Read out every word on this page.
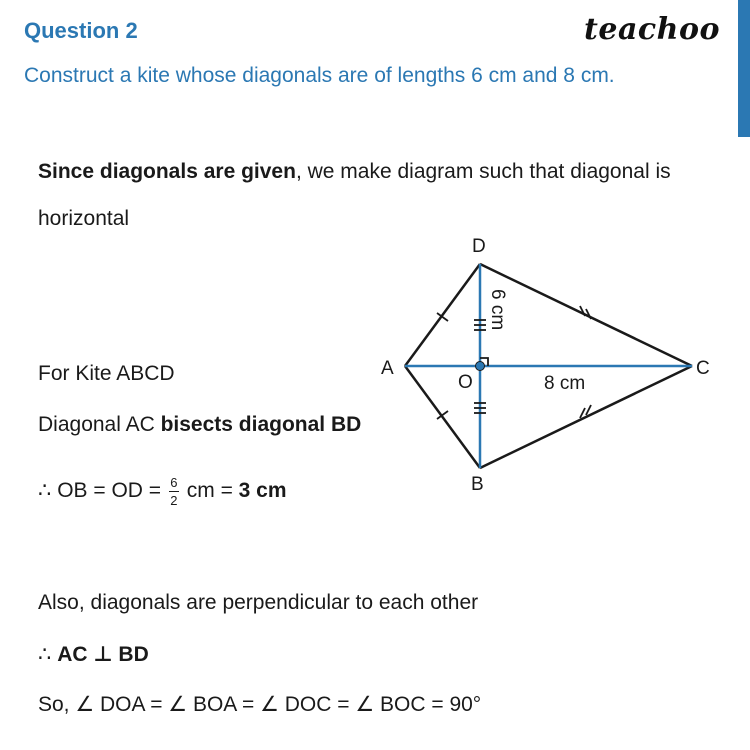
Question 2	teachoo
Construct a kite whose diagonals are of lengths 6 cm and 8 cm.
Since diagonals are given, we make diagram such that diagonal is
horizontal
For Kite ABCD
Diagonal AC bisects diagonal BD
∴ OB = OD = $\frac{6}{2}$ cm = 3 cm
Also, diagonals are perpendicular to each other
∴ AC ⊥ BD
So, ∠ DOA = ∠ BOA = ∠ DOC = ∠ BOC = 90°
D
A	C
B
O	8 cm
6 cm
